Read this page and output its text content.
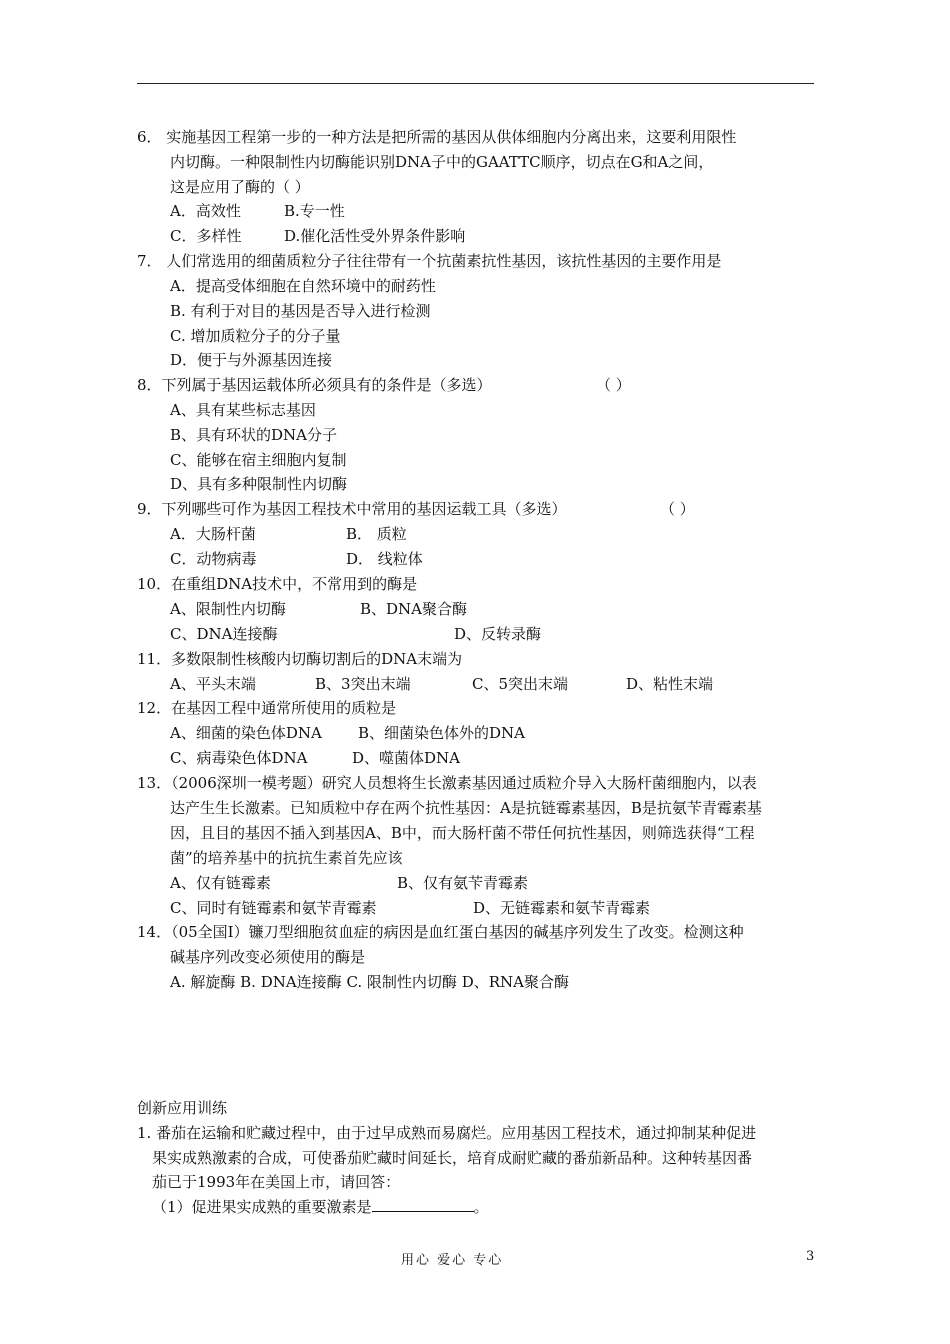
6． 实施基因工程第一步的一种方法是把所需的基因从供体细胞内分离出来，这要利用限性
内切酶。一种限制性内切酶能识别DNA子中的GAATTC顺序，切点在G和A之间，
这是应用了酶的（ ）
A．高效性	B.专一性
C．多样性	D.催化活性受外界条件影响
7． 人们常选用的细菌质粒分子往往带有一个抗菌素抗性基因，该抗性基因的主要作用是
A．提高受体细胞在自然环境中的耐药性
B. 有利于对目的基因是否导入进行检测
C. 增加质粒分子的分子量
D．便于与外源基因连接
8．下列属于基因运载体所必须具有的条件是（多选）	（ ）
A、具有某些标志基因
B、具有环状的DNA分子
C、能够在宿主细胞内复制
D、具有多种限制性内切酶
9．下列哪些可作为基因工程技术中常用的基因运载工具（多选）	（ ）
A．大肠杆菌	B． 质粒
C．动物病毒	D． 线粒体
10．在重组DNA技术中，不常用到的酶是
A、限制性内切酶	B、DNA聚合酶
C、DNA连接酶	D、反转录酶
11．多数限制性核酸内切酶切割后的DNA末端为
A、平头末端	B、3突出末端	C、5突出末端	D、粘性末端
12．在基因工程中通常所使用的质粒是
A、细菌的染色体DNA B、细菌染色体外的DNA
C、病毒染色体DNA	D、噬菌体DNA
13．（2006深圳一模考题）研究人员想将生长激素基因通过质粒介导入大肠杆菌细胞内，以表
达产生生长激素。已知质粒中存在两个抗性基因：A是抗链霉素基因，B是抗氨苄青霉素基
因，且目的基因不插入到基因A、B中，而大肠杆菌不带任何抗性基因，则筛选获得“工程
菌”的培养基中的抗抗生素首先应该
A、仅有链霉素	B、仅有氨苄青霉素
C、同时有链霉素和氨苄青霉素	D、无链霉素和氨苄青霉素
14．（05全国Ⅰ）镰刀型细胞贫血症的病因是血红蛋白基因的碱基序列发生了改变。检测这种
碱基序列改变必须使用的酶是
A. 解旋酶 B. DNA连接酶 C. 限制性内切酶 D、RNA聚合酶
创新应用训练
1. 番茄在运输和贮藏过程中，由于过早成熟而易腐烂。应用基因工程技术，通过抑制某种促进
果实成熟激素的合成，可使番茄贮藏时间延长，培育成耐贮藏的番茄新品种。这种转基因番
茄已于1993年在美国上市，请回答：
（1）促进果实成熟的重要激素是	。
用心 爱心 专心	3
